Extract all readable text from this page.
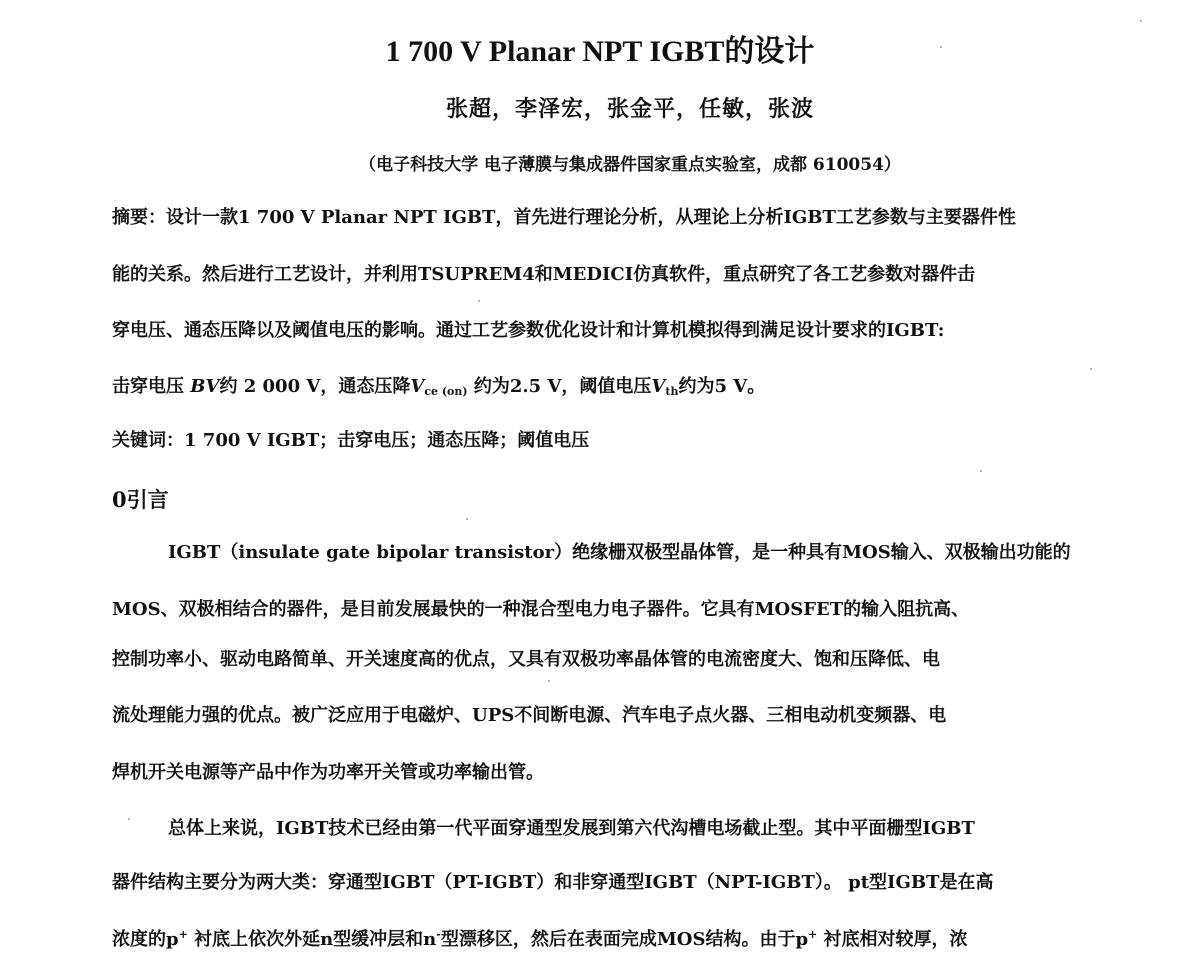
1 700 V Planar NPT IGBT的设计
张超，李泽宏，张金平，任敏，张波
（电子科技大学 电子薄膜与集成器件国家重点实验室，成都 610054）
摘要：设计一款1 700 V Planar NPT IGBT，首先进行理论分析，从理论上分析IGBT工艺参数与主要器件性
能的关系。然后进行工艺设计，并利用TSUPREM4和MEDICI仿真软件，重点研究了各工艺参数对器件击
穿电压、通态压降以及阈值电压的影响。通过工艺参数优化设计和计算机模拟得到满足设计要求的IGBT:
击穿电压 BV约 2 000 V，通态压降$V_{ce (on)}$ 约为2.5 V，阈值电压$V_{th}$约为5 V。
关键词：1 700 V IGBT；击穿电压；通态压降；阈值电压
0引言
IGBT（insulate gate bipolar transistor）绝缘栅双极型晶体管，是一种具有MOS输入、双极输出功能的
MOS、双极相结合的器件，是目前发展最快的一种混合型电力电子器件。它具有MOSFET的输入阻抗高、
控制功率小、驱动电路简单、开关速度高的优点，又具有双极功率晶体管的电流密度大、饱和压降低、电
流处理能力强的优点。被广泛应用于电磁炉、UPS不间断电源、汽车电子点火器、三相电动机变频器、电
焊机开关电源等产品中作为功率开关管或功率输出管。
总体上来说，IGBT技术已经由第一代平面穿通型发展到第六代沟槽电场截止型。其中平面栅型IGBT
器件结构主要分为两大类：穿通型IGBT（PT-IGBT）和非穿通型IGBT（NPT-IGBT）。 pt型IGBT是在高
浓度的p+ 衬底上依次外延n型缓冲层和n-型漂移区，然后在表面完成MOS结构。由于p+ 衬底相对较厚，浓
